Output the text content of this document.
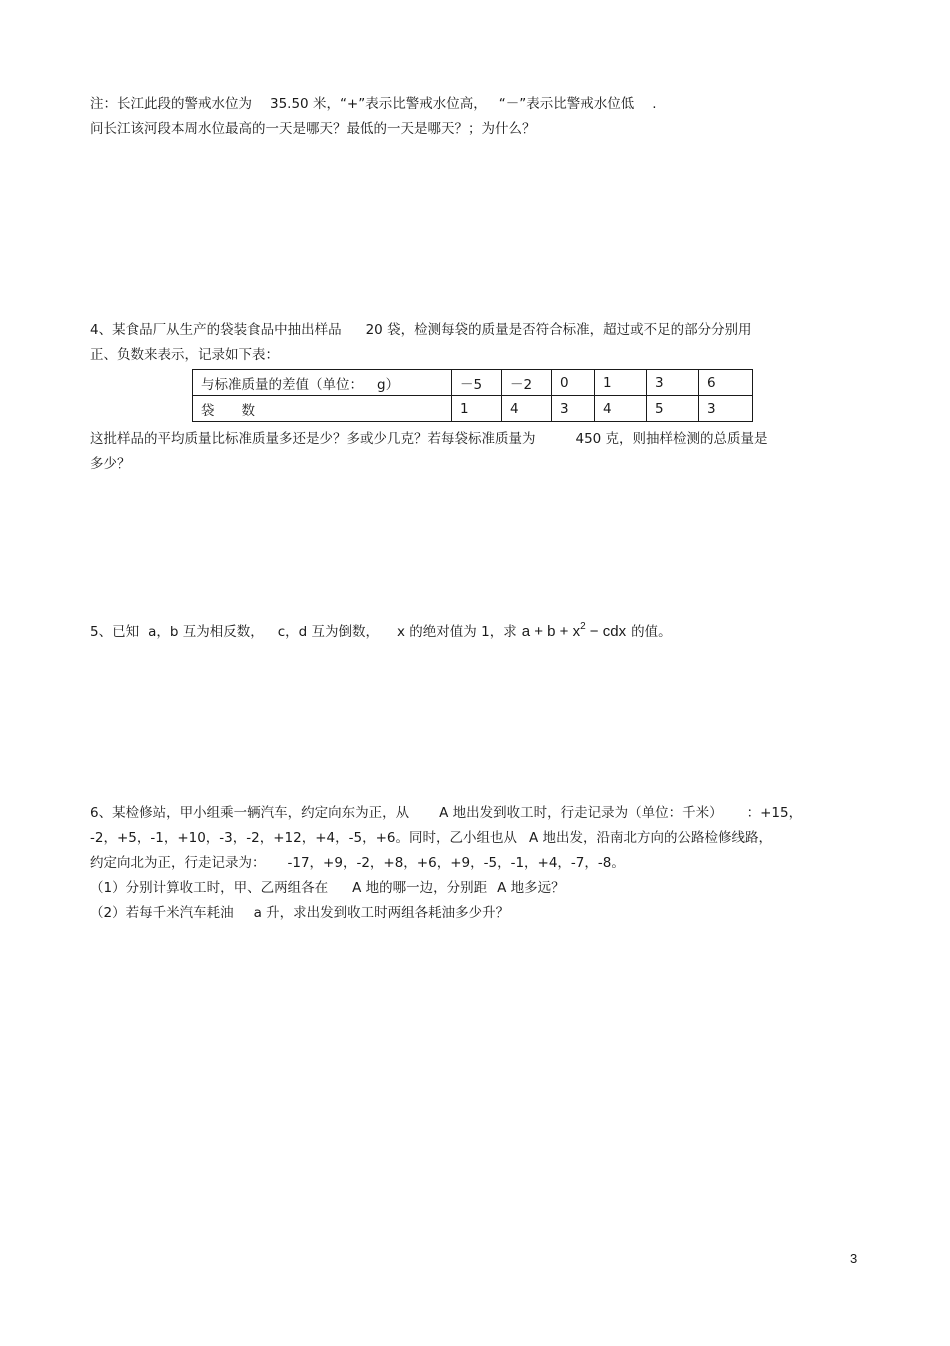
注：长江此段的警戒水位为 35.50 米，“+”表示比警戒水位高， “－”表示比警戒水位低 .
问长江该河段本周水位最高的一天是哪天？最低的一天是哪天？；为什么？
4、某食品厂从生产的袋装食品中抽出样品 20 袋，检测每袋的质量是否符合标准，超过或不足的部分分别用
正、负数来表示，记录如下表：
与标准质量的差值（单位： g）	－5	－2	0	1	3	6
袋　　数	1	4	3	4	5	3
这批样品的平均质量比标准质量多还是少？多或少几克？若每袋标准质量为	450 克，则抽样检测的总质量是
多少？
5、已知 a，b 互为相反数， c，d 互为倒数， x 的绝对值为 1，求 $a + b + x^2$ − cdx 的值。
6、某检修站，甲小组乘一辆汽车，约定向东为正，从 A 地出发到收工时，行走记录为（单位：千米） ：+15，
-2，+5，-1，+10，-3，-2，+12，+4，-5，+6。同时，乙小组也从 A 地出发，沿南北方向的公路检修线路，
约定向北为正，行走记录为： -17，+9，-2，+8，+6，+9，-5，-1，+4，-7，-8。
（1）分别计算收工时，甲、乙两组各在 A 地的哪一边，分别距 A 地多远？
（2）若每千米汽车耗油 a 升，求出发到收工时两组各耗油多少升？
3
